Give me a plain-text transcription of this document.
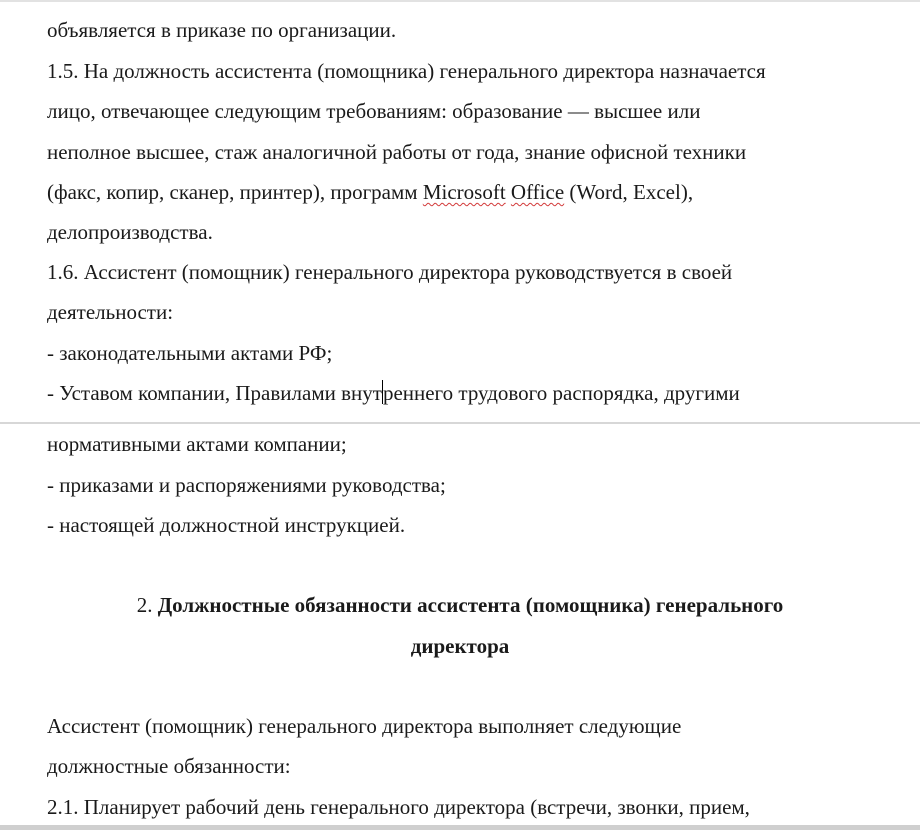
объявляется в приказе по организации.
1.5. На должность ассистента (помощника) генерального директора назначается
лицо, отвечающее следующим требованиям: образование — высшее или
неполное высшее, стаж аналогичной работы от года, знание офисной техники
(факс, копир, сканер, принтер), программ Microsoft Office (Word, Excel),
делопроизводства.
1.6. Ассистент (помощник) генерального директора руководствуется в своей
деятельности:
- законодательными актами РФ;
- Уставом компании, Правилами внутреннего трудового распорядка, другими
нормативными актами компании;
- приказами и распоряжениями руководства;
- настоящей должностной инструкцией.
2. Должностные обязанности ассистента (помощника) генерального
директора
Ассистент (помощник) генерального директора выполняет следующие
должностные обязанности:
2.1. Планирует рабочий день генерального директора (встречи, звонки, прием,
